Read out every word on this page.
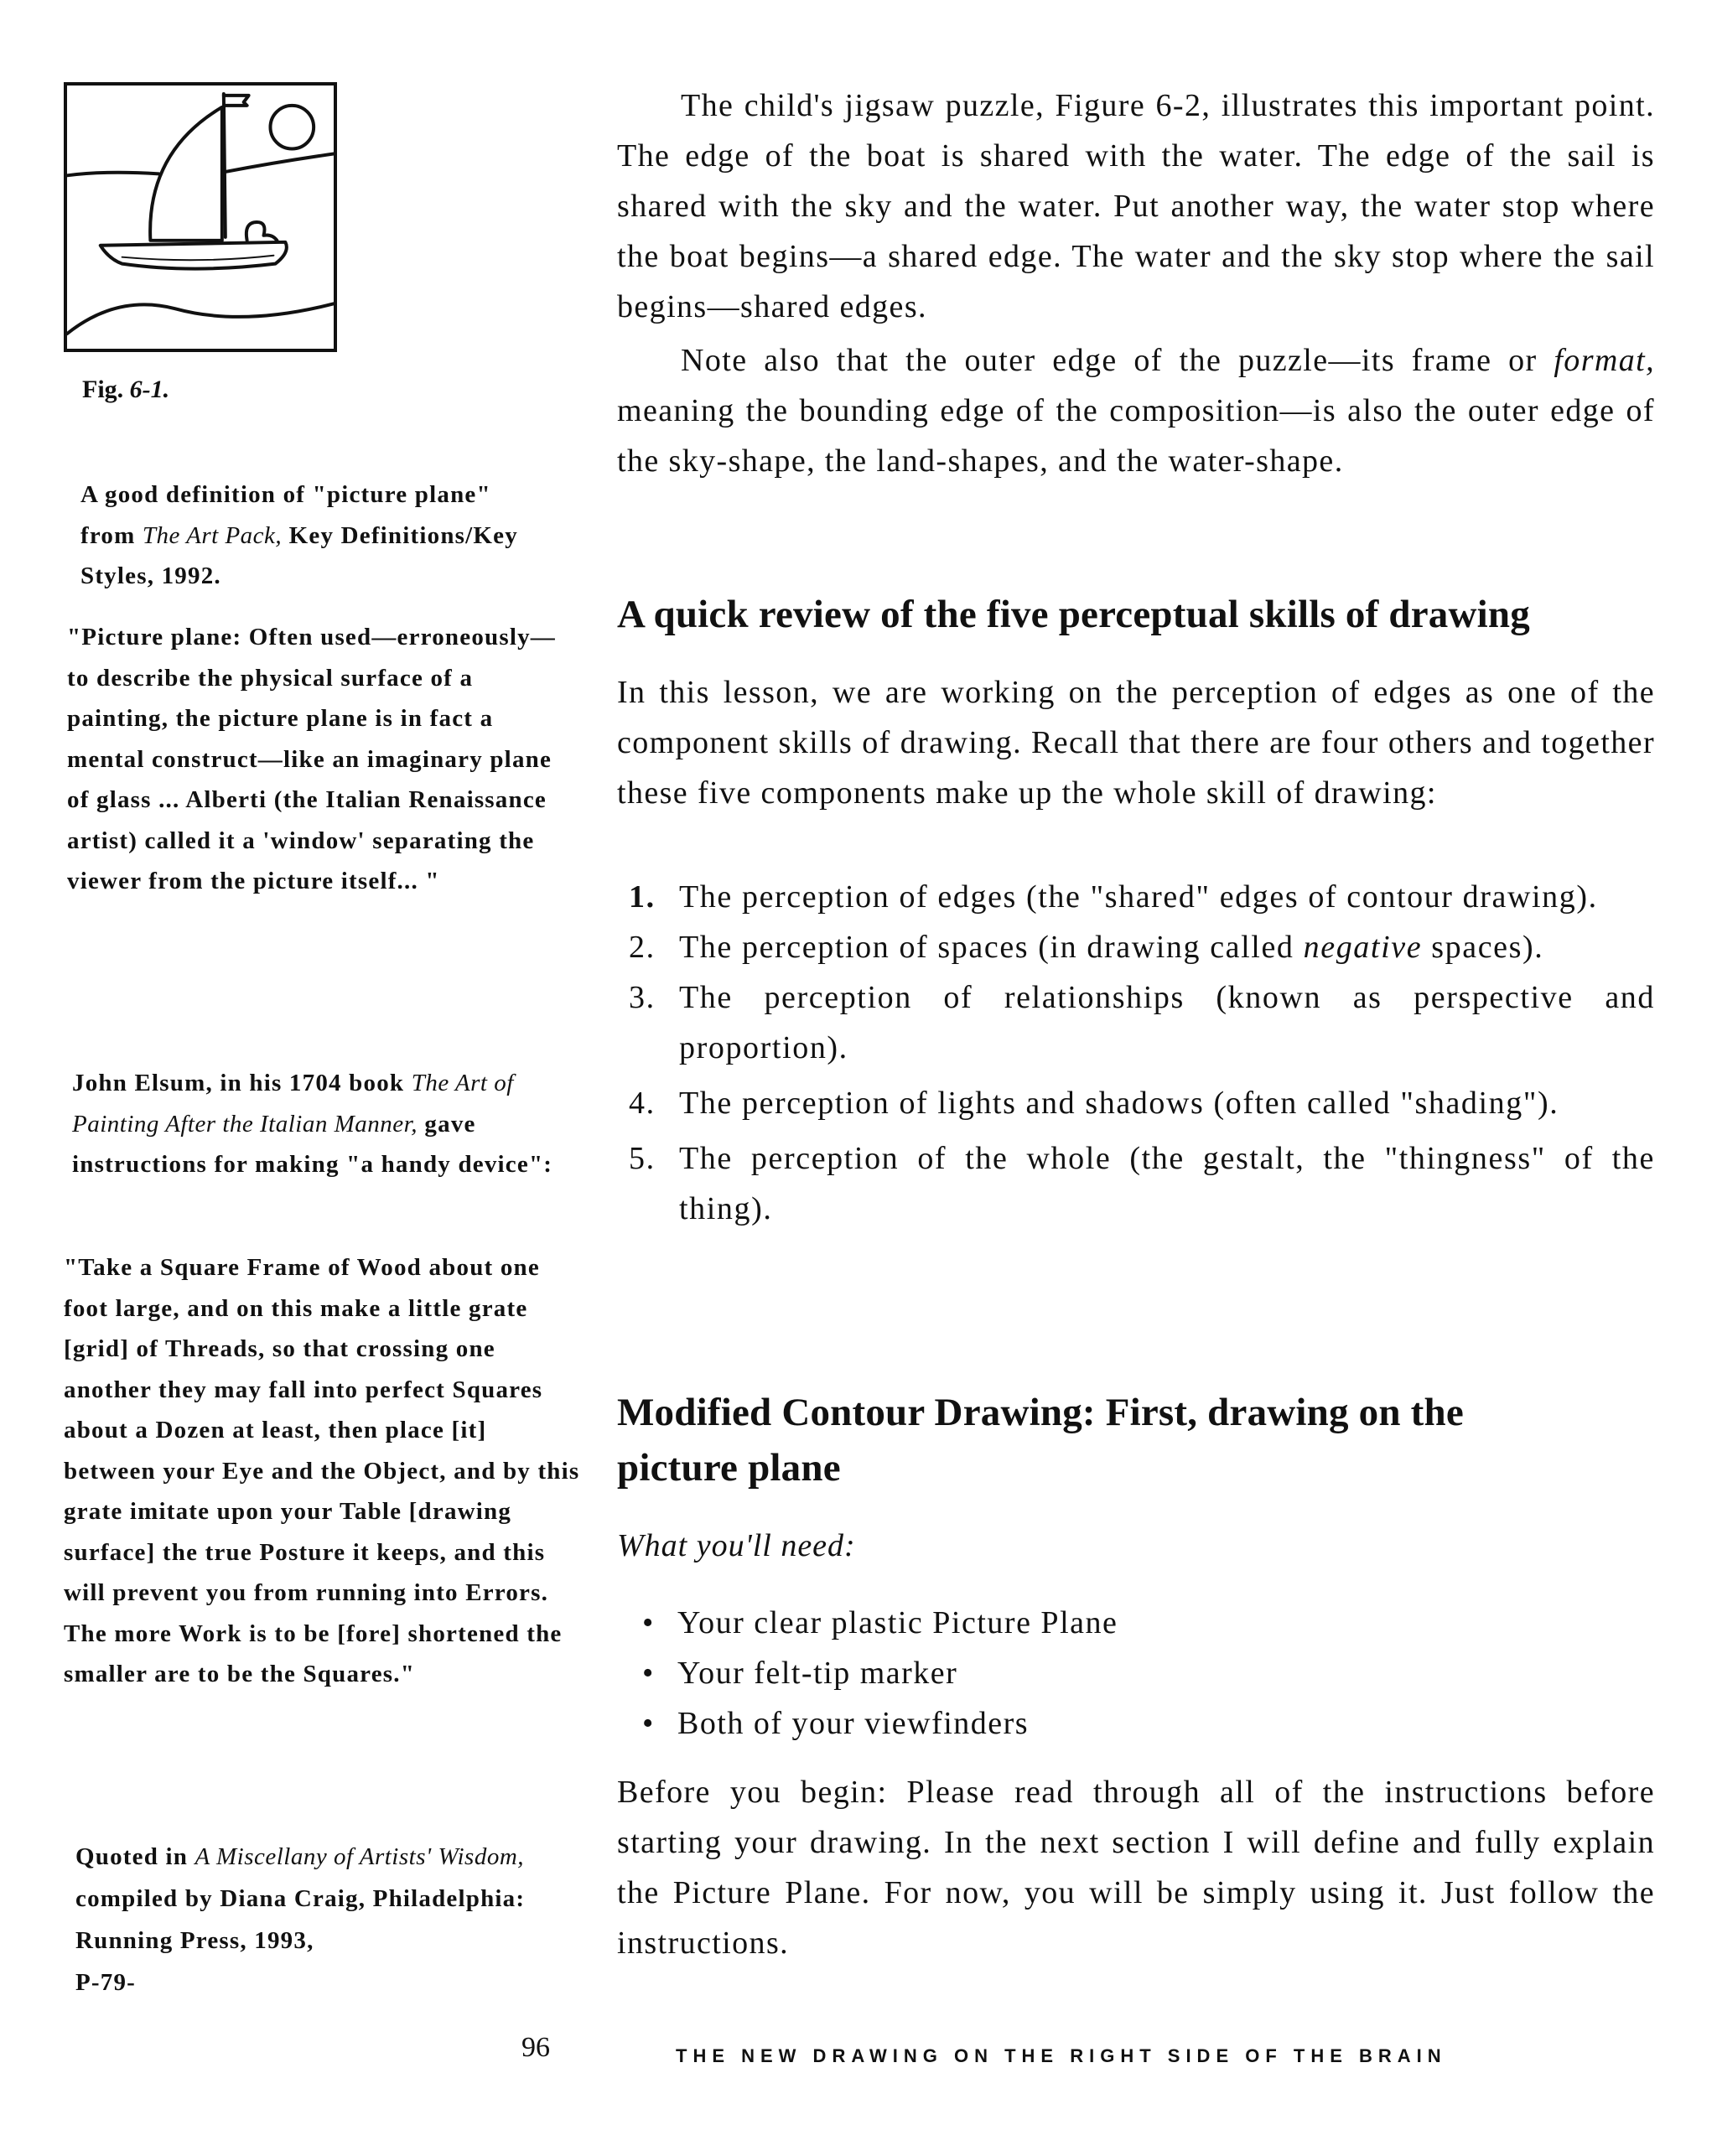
Fig. 6-1.
A good definition of "picture plane" from The Art Pack, Key Definitions/Key Styles, 1992.
"Picture plane: Often used—erroneously—to describe the physical surface of a painting, the picture plane is in fact a mental construct—like an imaginary plane of glass ... Alberti (the Italian Renaissance artist) called it a 'window' separating the viewer from the picture itself... "
John Elsum, in his 1704 book The Art of Painting After the Italian Manner, gave instructions for making "a handy device":
"Take a Square Frame of Wood about one foot large, and on this make a little grate [grid] of Threads, so that crossing one another they may fall into perfect Squares about a Dozen at least, then place [it] between your Eye and the Object, and by this grate imitate upon your Table [drawing surface] the true Posture it keeps, and this will prevent you from running into Errors. The more Work is to be [fore] shortened the smaller are to be the Squares."
Quoted in A Miscellany of Artists' Wisdom, compiled by Diana Craig, Philadelphia: Running Press, 1993,
P-79-

The child's jigsaw puzzle, Figure 6-2, illustrates this important point. The edge of the boat is shared with the water. The edge of the sail is shared with the sky and the water. Put another way, the water stop where the boat begins—a shared edge. The water and the sky stop where the sail begins—shared edges.

Note also that the outer edge of the puzzle—its frame or format, meaning the bounding edge of the composition—is also the outer edge of the sky-shape, the land-shapes, and the water-shape.

A quick review of the five perceptual skills of drawing

In this lesson, we are working on the perception of edges as one of the component skills of drawing. Recall that there are four others and together these five components make up the whole skill of drawing:

1. The perception of edges (the "shared" edges of contour drawing).
2. The perception of spaces (in drawing called negative spaces).
3. The perception of relationships (known as perspective and proportion).
4. The perception of lights and shadows (often called "shading").
5. The perception of the whole (the gestalt, the "thingness" of the thing).
Modified Contour Drawing: First, drawing on the picture plane
What you'll need:
• Your clear plastic Picture Plane
• Your felt-tip marker
• Both of your viewfinders

Before you begin: Please read through all of the instructions before starting your drawing. In the next section I will define and fully explain the Picture Plane. For now, you will be simply using it. Just follow the instructions.

96	THE NEW DRAWING ON THE RIGHT SIDE OF THE BRAIN
